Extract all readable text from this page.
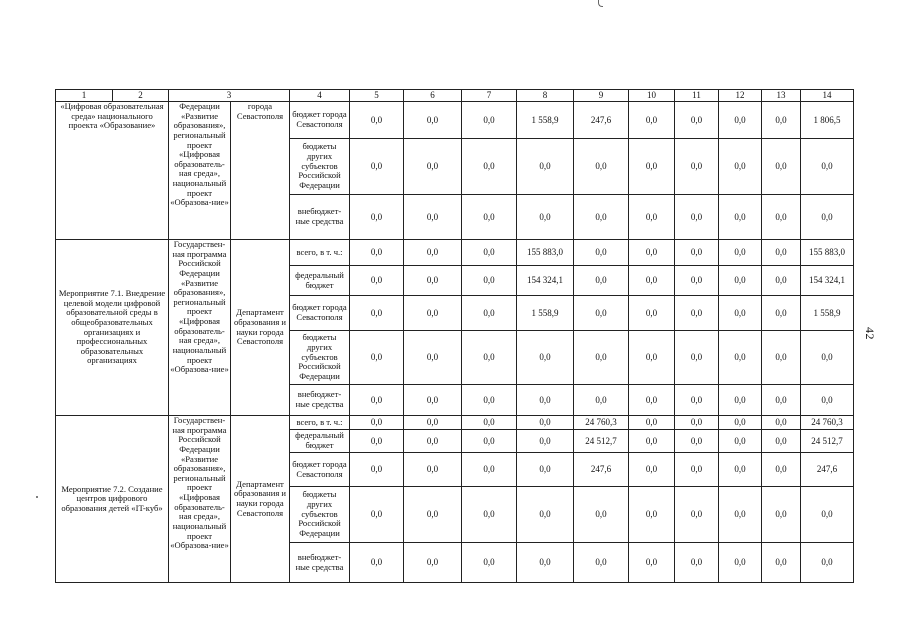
1	2	3		4	5	6	7	8	9	10	11	12	13	14
«Цифровая образовательная среда» национального проекта «Образование»		Федерации «Развитие образования», региональный проект «Цифровая образователь-ная среда», национальный проект «Образова-ние»	города Севастополя	бюджет города Севастополя	0,0	0,0	0,0	1 558,9	247,6	0,0	0,0	0,0	0,0	1 806,5
				бюджеты других субъектов Российской Федерации	0,0	0,0	0,0	0,0	0,0	0,0	0,0	0,0	0,0	0,0
				внебюджет-ные средства	0,0	0,0	0,0	0,0	0,0	0,0	0,0	0,0	0,0	0,0
Мероприятие 7.1. Внедрение целевой модели цифровой образовательной среды в общеобразовательных организациях и профессиональных образовательных организациях		Государствен-ная программа Российской Федерации «Развитие образования», региональный проект «Цифровая образователь-ная среда», национальный проект «Образова-ние»	Департамент образования и науки города Севастополя	всего, в т. ч.:	0,0	0,0	0,0	155 883,0	0,0	0,0	0,0	0,0	0,0	155 883,0
				федеральный бюджет	0,0	0,0	0,0	154 324,1	0,0	0,0	0,0	0,0	0,0	154 324,1
				бюджет города Севастополя	0,0	0,0	0,0	1 558,9	0,0	0,0	0,0	0,0	0,0	1 558,9
				бюджеты других субъектов Российской Федерации	0,0	0,0	0,0	0,0	0,0	0,0	0,0	0,0	0,0	0,0
				внебюджет-ные средства	0,0	0,0	0,0	0,0	0,0	0,0	0,0	0,0	0,0	0,0
Мероприятие 7.2. Создание центров цифрового образования детей «IT-куб»		Государствен-ная программа Российской Федерации «Развитие образования», региональный проект «Цифровая образователь-ная среда», национальный проект «Образова-ние»	Департамент образования и науки города Севастополя	всего, в т. ч.:	0,0	0,0	0,0	0,0	24 760,3	0,0	0,0	0,0	0,0	24 760,3
				федеральный бюджет	0,0	0,0	0,0	0,0	24 512,7	0,0	0,0	0,0	0,0	24 512,7
				бюджет города Севастополя	0,0	0,0	0,0	0,0	247,6	0,0	0,0	0,0	0,0	247,6
				бюджеты других субъектов Российской Федерации	0,0	0,0	0,0	0,0	0,0	0,0	0,0	0,0	0,0	0,0
				внебюджет-ные средства	0,0	0,0	0,0	0,0	0,0	0,0	0,0	0,0	0,0	0,0
42
